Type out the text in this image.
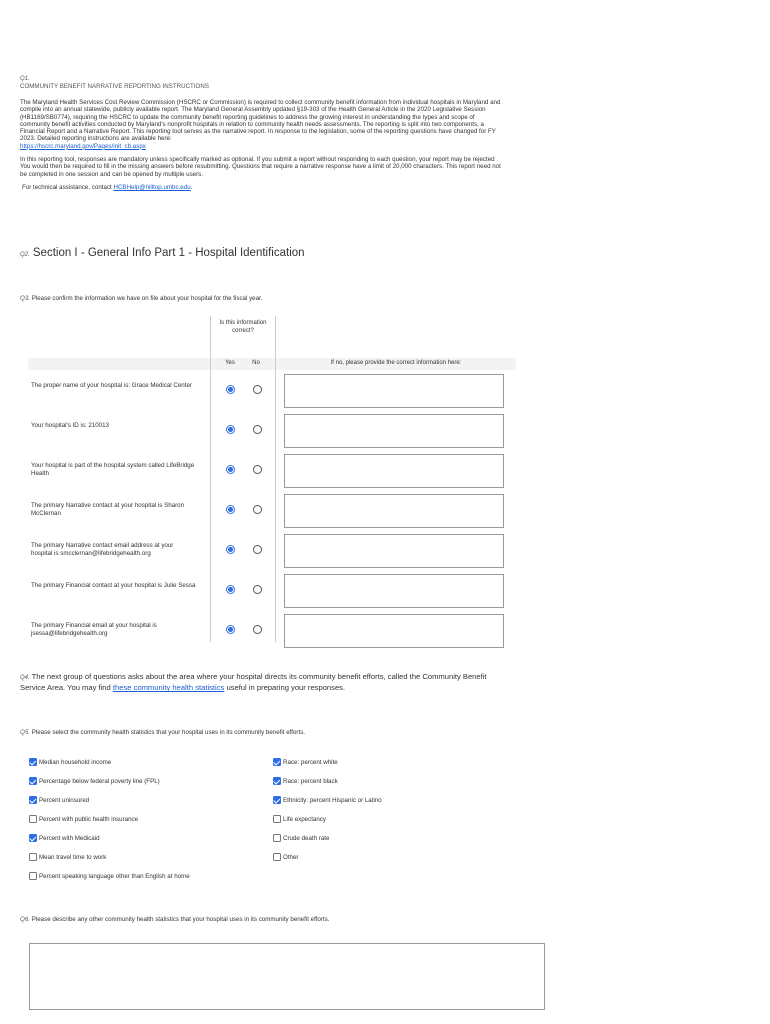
Q1.
COMMUNITY BENEFIT NARRATIVE REPORTING INSTRUCTIONS

The Maryland Health Services Cost Review Commission (HSCRC or Commission) is required to collect community benefit information from individual hospitals in Maryland and compile into an annual statewide, publicly available report. The Maryland General Assembly updated §19-303 of the Health General Article in the 2020 Legislative Session (HB1169/SB0774), requiring the HSCRC to update the community benefit reporting guidelines to address the growing interest in understanding the types and scope of community benefit activities conducted by Maryland's nonprofit hospitals in relation to community health needs assessments. The reporting is split into two components, a Financial Report and a Narrative Report. This reporting tool serves as the narrative report. In response to the legislation, some of the reporting questions have changed for FY 2023. Detailed reporting instructions are available here:
https://hscrc.maryland.gov/Pages/init_cb.aspx

In this reporting tool, responses are mandatory unless specifically marked as optional. If you submit a report without responding to each question, your report may be rejected You would then be required to fill in the missing answers before resubmitting. Questions that require a narrative response have a limit of 20,000 characters. This report need not be completed in one session and can be opened by multiple users.

For technical assistance, contact HCBHelp@hilltop.umbc.edu.

Q2. Section I - General Info Part 1 - Hospital Identification
Q3. Please confirm the information we have on file about your hospital for the fiscal year.
Is this information correct?
Yes	No	If no, please provide the correct information here:
The proper name of your hospital is: Grace Medical Center
Your hospital's ID is: 210013
Your hospital is part of the hospital system called LifeBridge Health
The primary Narrative contact at your hospital is Sharon McClernan
The primary Narrative contact email address at your hospital is smcclernan@lifebridgehealth.org
The primary Financial contact at your hospital is Julie Sessa
The primary Financial email at your hospital is jsessa@lifebridgehealth.org
Q4. The next group of questions asks about the area where your hospital directs its community benefit efforts, called the Community Benefit Service Area. You may find these community health statistics useful in preparing your responses.
Q5. Please select the community health statistics that your hospital uses in its community benefit efforts.
Median household income
Percentage below federal poverty line (FPL)
Percent uninsured
Percent with public health insurance
Percent with Medicaid
Mean travel time to work
Percent speaking language other than English at home
Race: percent white
Race: percent black
Ethnicity: percent Hispanic or Latino
Life expectancy
Crude death rate
Other
Q6. Please describe any other community health statistics that your hospital uses in its community benefit efforts.
